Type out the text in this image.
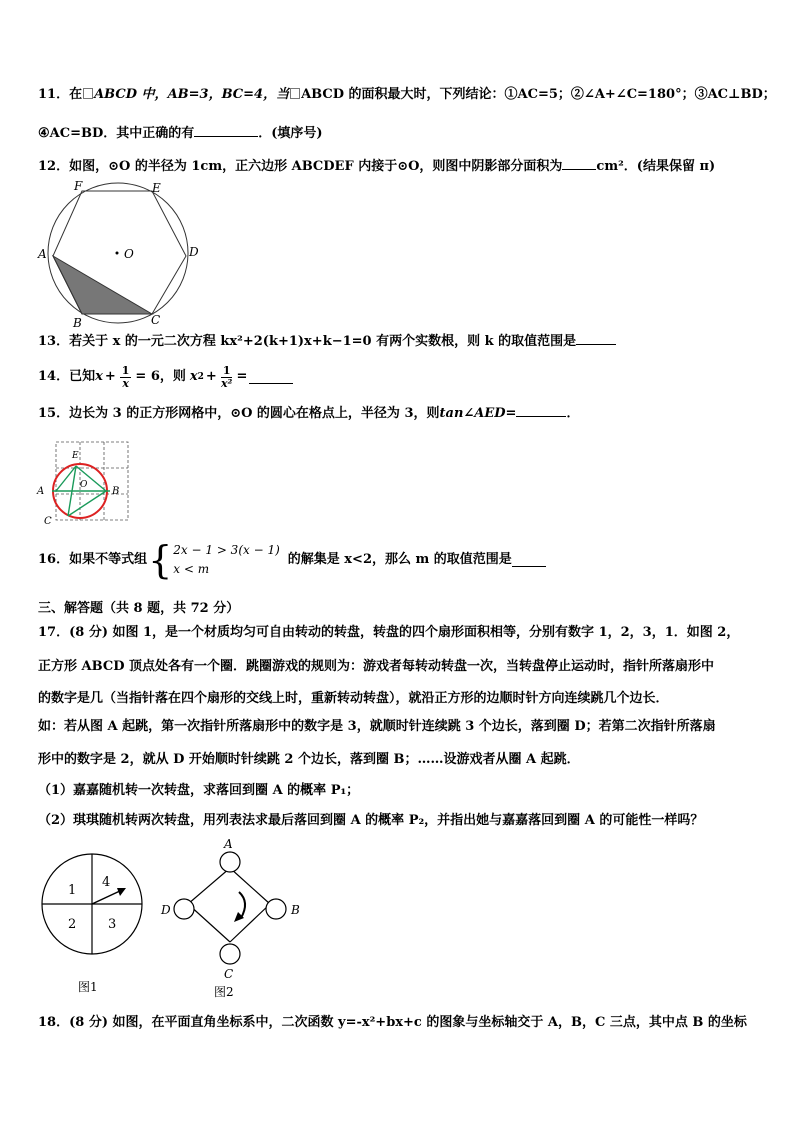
11．在 ABCD 中，AB=3，BC=4，当 ABCD 的面积最大时，下列结论：①AC=5；②∠A+∠C=180°；③AC⊥BD；
④AC=BD．其中正确的有	．(填序号)
12．如图，⊙O 的半径为 1cm，正六边形 ABCDEF 内接于⊙O，则图中阴影部分面积为	cm²．(结果保留 π)
F	E
A	D
B	C
O
13．若关于 x 的一元二次方程 kx²+2(k+1)x+k−1=0 有两个实数根，则 k 的取值范围是
14．已知 $x + \frac{1}{x} = 6$，则 x $2 + \frac{1}{\text{x²}}$ =
15．边长为 3 的正方形网格中，⊙O 的圆心在格点上，半径为 3，则tan∠AED=	．
E
O
A	B
C
16．如果不等式组 { 2x − 1 > 3(x − 1)
x < m
的解集是 x<2，那么 m 的取值范围是
三、解答题（共 8 题，共 72 分）
17．(8 分) 如图 1，是一个材质均匀可自由转动的转盘，转盘的四个扇形面积相等，分别有数字 1，2，3，1．如图 2，
正方形 ABCD 顶点处各有一个圈．跳圈游戏的规则为：游戏者每转动转盘一次，当转盘停止运动时，指针所落扇形中
的数字是几（当指针落在四个扇形的交线上时，重新转动转盘），就沿正方形的边顺时针方向连续跳几个边长．
如：若从图 A 起跳，第一次指针所落扇形中的数字是 3，就顺时针连续跳 3 个边长，落到圈 D；若第二次指针所落扇
形中的数字是 2，就从 D 开始顺时针续跳 2 个边长，落到圈 B；……设游戏者从圈 A 起跳．
（1）嘉嘉随机转一次转盘，求落回到圈 A 的概率 P₁；
（2）琪琪随机转两次转盘，用列表法求最后落回到圈 A 的概率 P₂，并指出她与嘉嘉落回到圈 A 的可能性一样吗？
1
4
2 3
图1
A
B
C
D
图2
18．(8 分) 如图，在平面直角坐标系中，二次函数 y=-x²+bx+c 的图象与坐标轴交于 A，B，C 三点，其中点 B 的坐标
